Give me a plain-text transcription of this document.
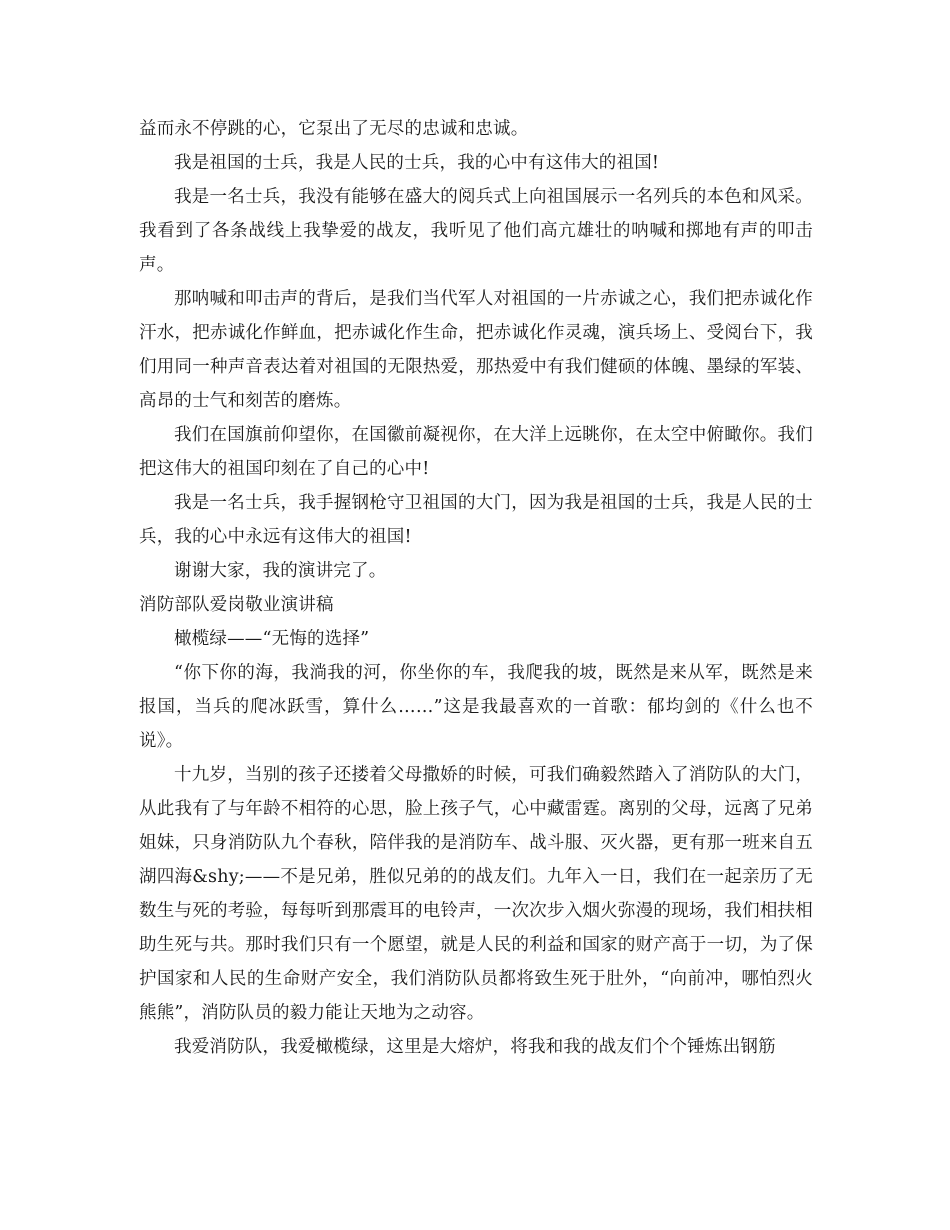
益而永不停跳的心，它泵出了无尽的忠诚和忠诚。

我是祖国的士兵，我是人民的士兵，我的心中有这伟大的祖国!

我是一名士兵，我没有能够在盛大的阅兵式上向祖国展示一名列兵的本色和风采。我看到了各条战线上我挚爱的战友，我听见了他们高亢雄壮的呐喊和掷地有声的叩击声。

那呐喊和叩击声的背后，是我们当代军人对祖国的一片赤诚之心，我们把赤诚化作汗水，把赤诚化作鲜血，把赤诚化作生命，把赤诚化作灵魂，演兵场上、受阅台下，我们用同一种声音表达着对祖国的无限热爱，那热爱中有我们健硕的体魄、墨绿的军装、高昂的士气和刻苦的磨炼。

我们在国旗前仰望你，在国徽前凝视你，在大洋上远眺你，在太空中俯瞰你。我们把这伟大的祖国印刻在了自己的心中!

我是一名士兵，我手握钢枪守卫祖国的大门，因为我是祖国的士兵，我是人民的士兵，我的心中永远有这伟大的祖国!

谢谢大家，我的演讲完了。

消防部队爱岗敬业演讲稿

橄榄绿——“无悔的选择”

“你下你的海，我淌我的河，你坐你的车，我爬我的坡，既然是来从军，既然是来报国，当兵的爬冰跃雪，算什么……”这是我最喜欢的一首歌：郁均剑的《什么也不说》。

十九岁，当别的孩子还搂着父母撒娇的时候，可我们确毅然踏入了消防队的大门，从此我有了与年龄不相符的心思，脸上孩子气，心中藏雷霆。离别的父母，远离了兄弟姐妹，只身消防队九个春秋，陪伴我的是消防车、战斗服、灭火器，更有那一班来自五湖四海&shy;——不是兄弟，胜似兄弟的的战友们。九年入一日，我们在一起亲历了无数生与死的考验，每每听到那震耳的电铃声，一次次步入烟火弥漫的现场，我们相扶相助生死与共。那时我们只有一个愿望，就是人民的利益和国家的财产高于一切，为了保护国家和人民的生命财产安全，我们消防队员都将致生死于肚外，“向前冲，哪怕烈火熊熊”，消防队员的毅力能让天地为之动容。

我爱消防队，我爱橄榄绿，这里是大熔炉，将我和我的战友们个个锤炼出钢筋
